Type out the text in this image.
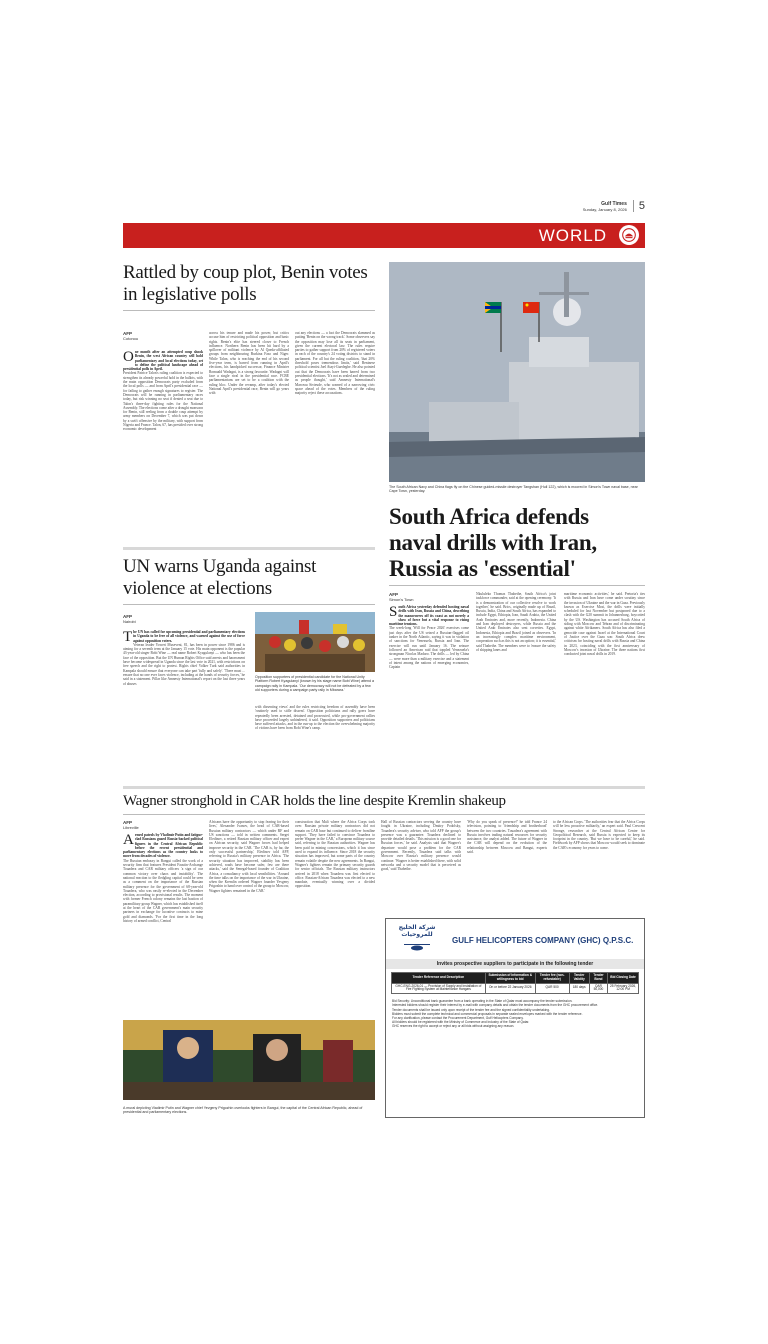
Gulf Times
Sunday, January 8, 2026	5
WORLD
Rattled by coup plot, Benin votes in legislative polls
AFP
Cotonou
One month after an attempted coup shook Benin, the west African country will hold parliamentary and local elections today, set to define the political landscape ahead of presidential polls in April.
President Patrice Talon's ruling coalition is expected to strengthen its already powerful hold in the ballots, with the main opposition Democrats party excluded from the local polls — and from April's presidential race — for failing to gather enough signatures to register. The Democrats will be running in parliamentary races today, but risk winning no seat if denied a seat due to Talon's three-day fighting rules for the National Assembly. The elections come after a drought monsoon for Benin, still reeling from a double coup attempt by army members on December 7, which was put down by a swift offensive by the military, with support from Nigeria and France. Talon, 67, has presided over strong economic development
across his tenure and made his power, but critics accuse him of restricting political opposition and basic rights. Benin's elite has steered closer to French influence. Northern Benin has been hit hard by a spillover of militant violence by Al Qaeda-affiliated groups from neighbouring Burkina Faso and Niger. While Talon, who is reaching the end of his second five-year term, is barred from running in April's elections, his handpicked successor, Finance Minister Romuald Wadagni, is a strong favourite. Wadagni will face a single rival in the presidential race. FCBE parliamentarians are set to be a coalition with the ruling bloc. Under the revamp, after today's elected National April's presidential race, Benin will go years with
out any elections — a fact the Democrats slammed as putting 'Benin on the wrong track'. Some observers say the opposition may lose all its seats in parliament, given the current electoral law. The rules require parties to gather support from 20% of registered voters in each of the country's 24 voting districts to stand in parliament. For all but the ruling coalition, 'that 20% threshold poses tremendous limits,' said Beninese political scientist Joel Atayi-Guedegbe. He also pointed out that the Democrats have been barred from two presidential elections. 'It's not as sealed and determined as people thought,' said Amnesty International's Marceau Sivieude, who warned of a narrowing civic space ahead of the votes. Members of the ruling majority reject these accusations.
UN warns Uganda against violence at elections
AFP
Nairobi
The UN has called for upcoming presidential and parliamentary elections in Uganda to be free of all violence, and warned against the use of force against opposition voters.
Veteran leader Yoweri Museveni, 81, has been in power since 1986 and is aiming for a seventh term at the January 15 vote. His main opponent is the popular 43-year-old singer Bobi Wine — real name Robert Kyagulanyi — who has been the face of the opposition. But the UN Human Rights Office said arrests and harassment have become widespread in Uganda since the last vote in 2021, with restrictions on free speech and the right to protest. Rights chief Volker Turk said authorities in Kampala should ensure that everyone can take part 'fully and safely'. 'There must ... ensure that no one ever faces violence, including at the hands of security forces,' he said in a statement. Pillar like Amnesty International's report on the last three years of abuses
Opposition supporters of presidential candidate for the National Unity Platform Robert Kyagulanyi (known by his stage name Bobi Wine) attend a campaign rally in Kampala. 'Our democracy will not be defeated by a few old supporters during a campaign party rally in Mbarara.'
with dissenting views' and the rules restricting freedom of assembly have been 'routinely used to stifle dissent'. Opposition politicians and rally goers have repeatedly been arrested, detained and prosecuted, while pro-government rallies have proceeded largely unhindered, it said. Opposition supporters and politicians have suffered attacks, and in the run-up to the election the overwhelming majority of victims have been from Bobi Wine's camp.
The South African Navy and China flags fly on the Chinese guided-missile destroyer Tangshan (Hull 122), which is moored in Simon's Town naval base, near Cape Town, yesterday.
South Africa defends naval drills with Iran, Russia as 'essential'
AFP
Simon's Town
South Africa yesterday defended hosting naval drills with Iran, Russia and China, describing the manoeuvres off its coast as not merely a show of force but a vital response to rising maritime tensions.
The week-long 'Will for Peace 2026' exercises come just days after the US seized a Russian-flagged oil tanker in the North Atlantic, saying it was in violation of sanctions for Venezuela, Russia and Iran. The exercise will run until January 16. The seizure followed an American raid that toppled Venezuela's strongman Nicolas Maduro. The drills — led by China — were more than a military exercise and a statement of intent among the nations of emerging economies, Captain
Nkululeko Thomas Thabethe, South Africa's joint taskforce commander, said at the opening ceremony. 'It is a demonstration of our collective resolve to work together,' he said. Brics, originally made up of Brazil, Russia, India, China and South Africa, has expanded to include Egypt, Ethiopia, Iran, Saudi Arabia, the United Arab Emirates and, more recently, Indonesia. China and Iran deployed destroyers, while Russia and the United Arab Emirates also sent corvettes. Egypt, Indonesia, Ethiopia and Brazil joined as observers. 'In an increasingly complex maritime environment, cooperation such as this is not an option; it is essential,' said Thabethe. The members were to 'ensure the safety of shipping lanes and
maritime economic activities,' he said. Pretoria's ties with Russia and Iran have come under scrutiny since the invasion of Ukraine and the war in Gaza. Previously known as Exercise Mosi, the drills were initially scheduled for last November but postponed due to a clash with the G20 summit in Johannesburg, boycotted by the US. Washington has accused South Africa of siding with Moscow and Tehran and of discriminating against white Afrikaners. South Africa has also filed a genocide case against Israel at the International Court of Justice over the Gaza war. South Africa drew criticism for hosting naval drills with Russia and China in 2023, coinciding with the first anniversary of Moscow's invasion of Ukraine. The three nations first conducted joint naval drills in 2019.
Wagner stronghold in CAR holds the line despite Kremlin shakeup
AFP
Libreville
Armed patrols by Vladimir Putin and fatigue-clad Russians guard Russia-backed political figures in the Central African Republic before the recent presidential and parliamentary elections as the country looks to move from decades of violence.
The Russian embassy in Bangui called the work of a security firm that features President Faustin-Archange Touadera and CAR military officers 'a sign of our common victory over chaos and instability'. The national reaction to the fledgling capital could be seen as a comment on the importance of the Russian military presence for the government of 68-year-old Touadera, who was easily re-elected in the December election, according to provisional results. The moment with former French colony remains the last bastion of paramilitary group Wagner, which has established itself at the heart of the CAR government's main security partners in exchange for lucrative contracts to mine gold and diamonds. 'For the first time in the long history of armed conflict, Central
Africans have the opportunity to stop fearing for their lives,' Alexander Ivanov, the head of CAR-based Russian military contractors — which under RF and US sanctions — told in written comments. Sergei Eledinov, a retired Russian military officer and expert on African security, said Wagner forces had helped improve security in the CAR. 'The CAR is, by far, the only successful partnership,' Eledinov told AFP, referring to Russia's military presence in Africa. 'The security situation has improved, stability has been achieved, roads have become safer, few are there attacks,' said the Senegal-based founder of Coalition Africa, a consultancy with local sensibilities. 'Around the time talks on the importance of the war in Ukraine, when the Kremlin ordered Wagner founder Yevgeny Prigozhin to hand over control of the group to Moscow, Wagner fighters remained in the CAR.'
construction that Mali where the Africa Corps took over. Russian private military contractors did not remain on CAR base but continued to deliver frontline support. 'They have failed to convince Touadera to prefer Wagner in the CAR,' a European military source said, referring to the Russian authorities. Wagner has been paid in mining concessions, which it has since used to expand its influence. Since 2018 the security situation has improved, but some parts of the country remain volatile despite the new agreements. In Bangui, Wagner's fighters remain the primary security guards for senior officials. The Russian military instructors arrived in 2018 when Touadera was first elected to office. Russian-African Touadera was elected to a new mandate, eventually winning over a divided opposition.
Hall of Russian contractors serving the country have fought in Ukraine, including Dmitry Podolsky, Touadera's security adviser, who told AFP the group's presence was a guarantee. Touadera declined to provide detailed details. 'This mission is a good one for Russian forces,' he said. Analysts said that Wagner's departure would pose a problem for the CAR government. Recently, Touadera said talks with Moscow over Russia's military presence would continue. 'Wagner is better established there, with solid networks and a security model that is perceived as good,' said Thabethe.
'Why do you speak of presence?' he told France 24 television, pointing to 'friendship and brotherhood' between the two countries. Touadera's agreement with Russia involves trading natural resources for security assistance, the analyst added. The future of Wagner in the CAR will depend on the evolution of the relationship between Moscow and Bangui, experts said.
to the African Corps. 'The authorities fear that the Africa Corps will be less proactive militarily,' an expert said. Paul Crescent Stronge, researcher at the Central African Centre for Geopolitical Research, said Russia is expected to keep its footprint in the country. 'But we have to be careful,' he said. Fieldwork by AFP shows that Moscow would seek to dominate the CAR's economy for years to come.
A mural depicting Vladimir Putin and Wagner chief Yevgeny Prigozhin overlooks fighters in Bangui, the capital of the Central African Republic, ahead of presidential and parliamentary elections.
شركة الخليج للمروحيات
GULF HELICOPTERS COMPANY (GHC) Q.P.S.C.
Invites prospective suppliers to participate in the following tender
Tender Reference and Description	Submission of Information & willingness to bid	Tender fee (non-refundable)	Tender Validity	Tender Bond	Bid Closing Date
GHC-ENG-2026-01 — Provision of Supply and Installation of Fire Fighting System at Maintenance Hangars	On or before 22 January 2026	QAR 500	180 days	QAR 50,000	25 February 2026, 12:00 PM

Bid Security: Unconditional bank guarantee from a bank operating in the State of Qatar must accompany the tender submission.

Interested bidders should register their interest by e-mail with company details and obtain the tender documents from the GHC procurement office.

Tender documents shall be issued only upon receipt of the tender fee and the signed confidentiality undertaking.

Bidders must submit the complete technical and commercial proposals in separate sealed envelopes marked with the tender reference.

For any clarification, please contact the Procurement Department, Gulf Helicopters Company.

All bidders should be registered with the Ministry of Commerce and Industry of the State of Qatar.

GHC reserves the right to accept or reject any or all bids without assigning any reason.
